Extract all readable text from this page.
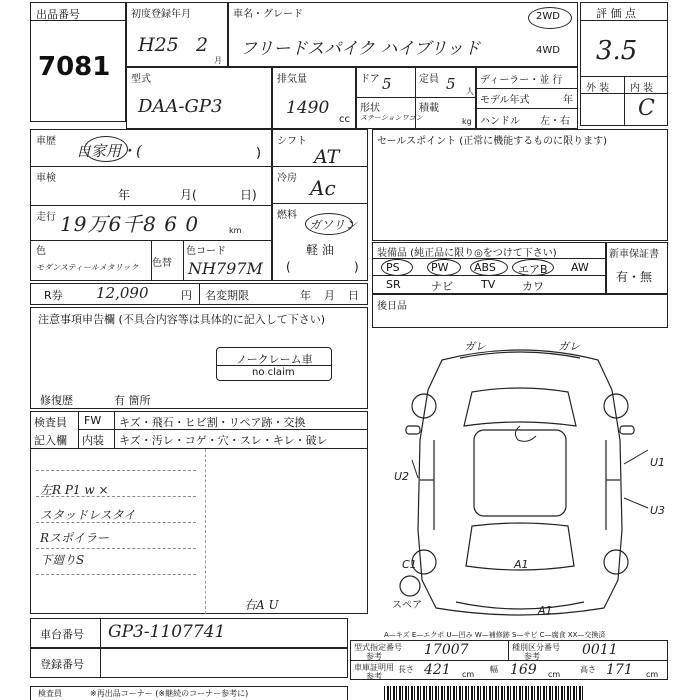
出品番号
7081
初度登録年月
H25 2
月
車名・グレード
フリードスパイク ハイブリッド
2WD
4WD
評 価 点
3.5
外 装 内 装
C
型式
DAA-GP3
排気量
1490
cc
ドア 5	定員 5 人
形状
ステーションワゴン
積載
kg
ディーラー・並 行
モデル年式	年
ハンドル 左・右
車歴
自家用・(	)
車検
年	月(	日)
走行 19万6千8 6 0	km
色
モダンスティールメタリック 色替
色コード
NH797M
シフト
AT
冷房 Ac
燃料
ガソリン
軽 油
(	)
セールスポイント (正常に機能するものに限ります)
装備品 (純正品に限り◎をつけて下さい)
PS	PW ABS エアB AW
SR	ナビ	TV カワ
新車保証書
有・無
R券 12,090	円 名変期限	年 月 日
後日品
注意事項申告欄 (不具合内容等は具体的に記入して下さい)
ノークレーム車
no claim
修復歴	有 箇所
検査員
記入欄
FW キズ・飛石・ヒビ割・リペア跡・交換
内装 キズ・汚レ・コゲ・穴・スレ・キレ・破レ
左R P1 w ×
スタッドレスタイ
Rスポイラー
下廻りS
右A U
ガレ	ガレ
U2
U1
U3
C1	A1
A1
スペア
A—キズ E—エクボ U—凹み W—補修跡 S—サビ C—腐食 XX—交換済
車台番号 GP3-1107741
登録番号
型式指定番号
参考	17007	種別区分番号
参考	0011
車庫証明用
参考
長さ 421 cm
幅 169 cm
高さ 171 cm
検査員	※再出品コーナー (※継続のコーナー参考に)
